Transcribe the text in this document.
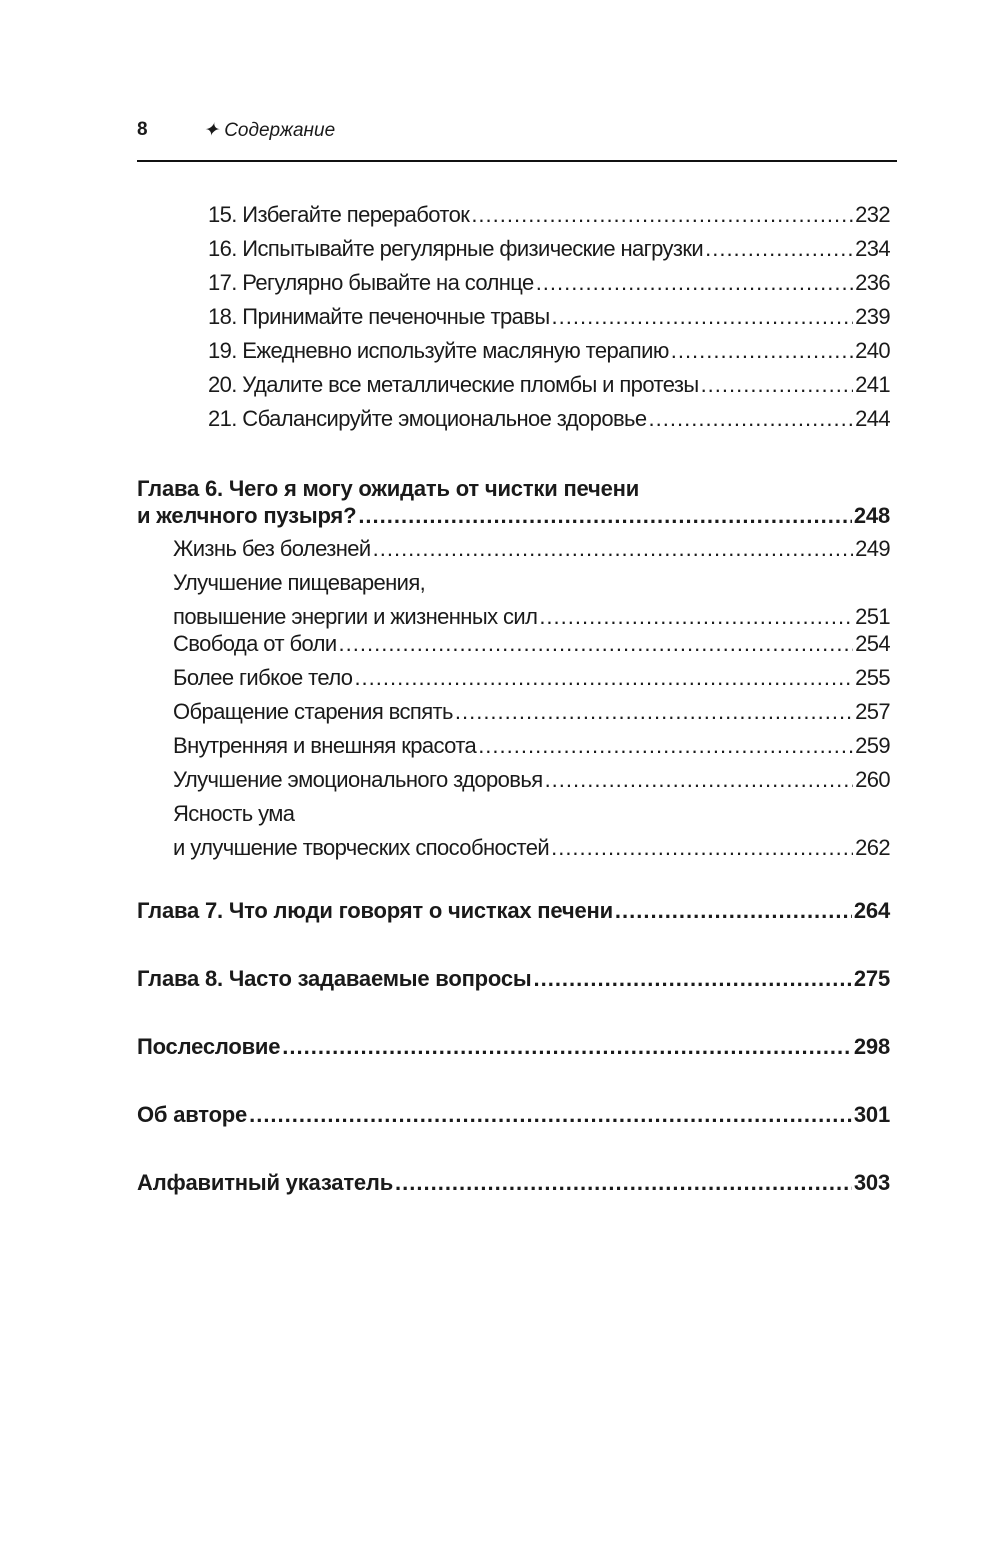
8	✦ Содержание
15. Избегайте переработок .....	232
16. Испытывайте регулярные физические нагрузки .....	234
17. Регулярно бывайте на солнце .....	236
18. Принимайте печеночные травы .....	239
19. Ежедневно используйте масляную терапию .....	240
20. Удалите все металлические пломбы и протезы .....	241
21. Сбалансируйте эмоциональное здоровье .....	244
Глава 6. Чего я могу ожидать от чистки печени
и желчного пузыря? .....	248
Жизнь без болезней .....	249
Улучшение пищеварения,
повышение энергии и жизненных сил .....	251
Свобода от боли .....	254
Более гибкое тело .....	255
Обращение старения вспять .....	257
Внутренняя и внешняя красота .....	259
Улучшение эмоционального здоровья .....	260
Ясность ума
и улучшение творческих способностей .....	262
Глава 7. Что люди говорят о чистках печени .....	264
Глава 8. Часто задаваемые вопросы .....	275
Послесловие .....	298
Об авторе .....	301
Алфавитный указатель .....	303
